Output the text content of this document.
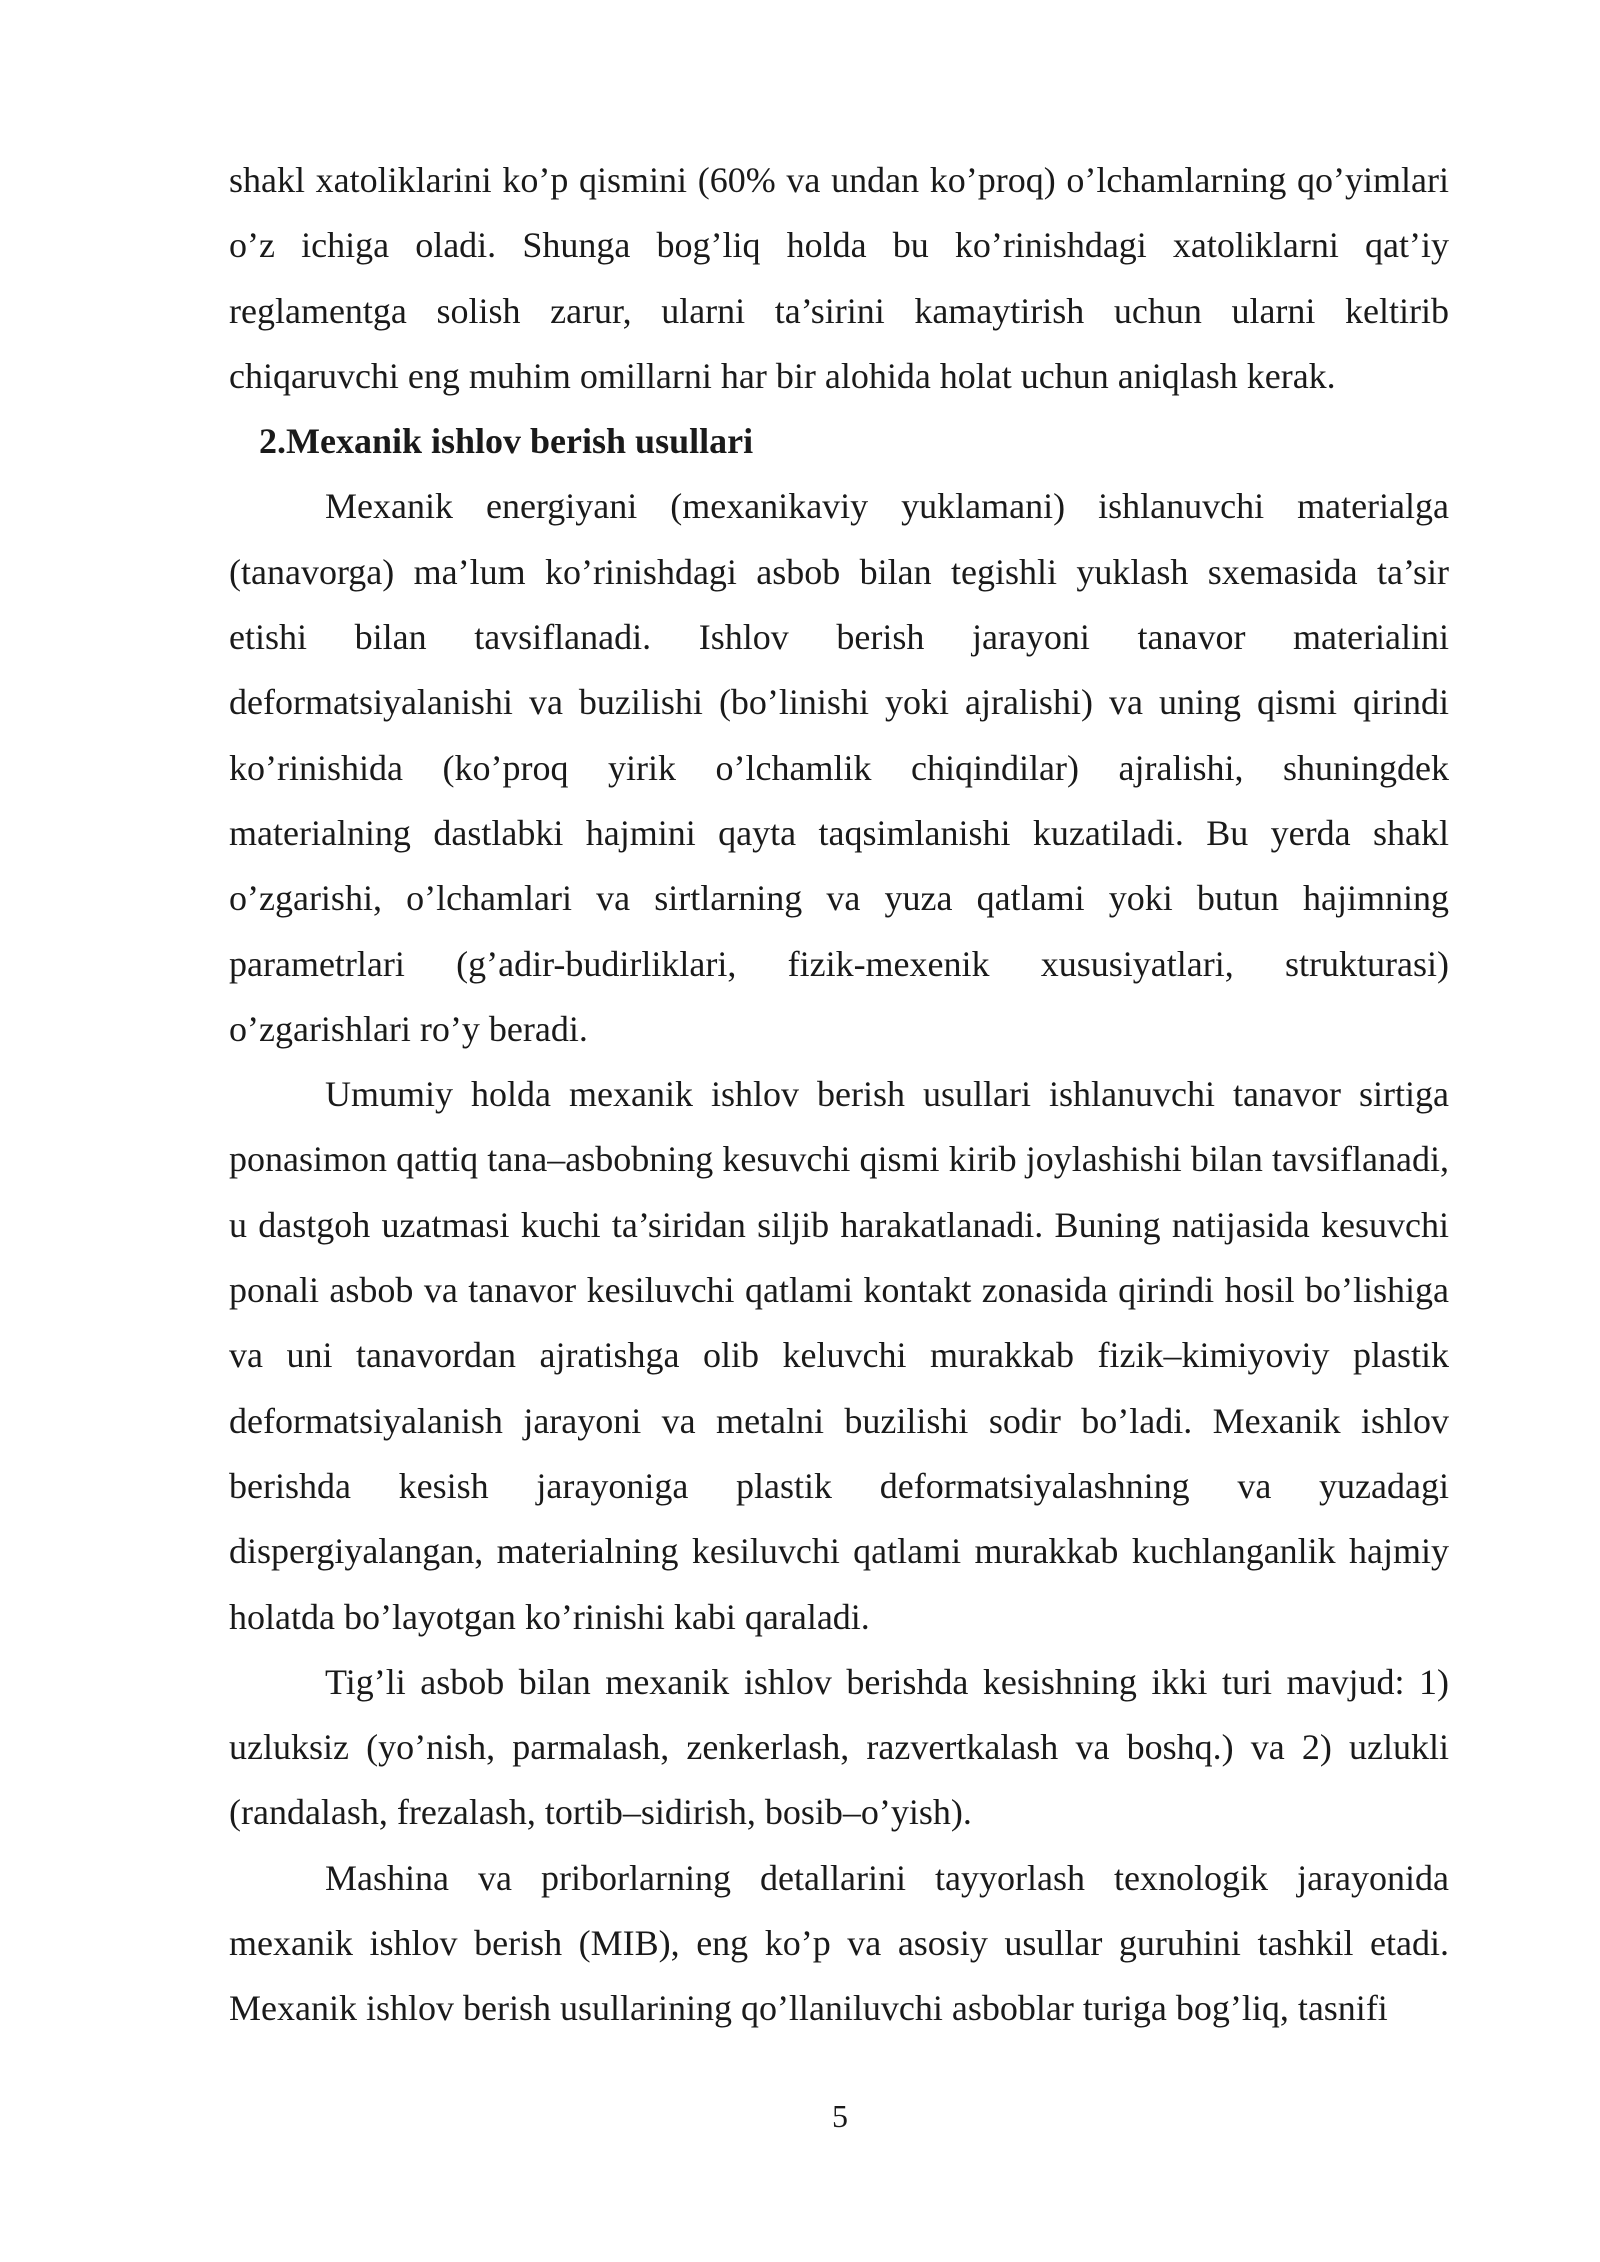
shakl xatoliklarini ko’p qismini (60% va undan ko’proq) o’lchamlarning qo’yimlari o’z ichiga oladi. Shunga bog’liq holda bu ko’rinishdagi xatoliklarni qat’iy reglamentga solish zarur, ularni ta’sirini kamaytirish uchun ularni keltirib chiqaruvchi eng muhim omillarni har bir alohida holat uchun aniqlash kerak.

2.Mexanik ishlov berish usullari

Mexanik energiyani (mexanikaviy yuklamani) ishlanuvchi materialga (tanavorga) ma’lum ko’rinishdagi asbob bilan tegishli yuklash sxemasida ta’sir etishi bilan tavsiflanadi. Ishlov berish jarayoni tanavor materialini deformatsiyalanishi va buzilishi (bo’linishi yoki ajralishi) va uning qismi qirindi ko’rinishida (ko’proq yirik o’lchamlik chiqindilar) ajralishi, shuningdek materialning dastlabki hajmini qayta taqsimlanishi kuzatiladi. Bu yerda shakl o’zgarishi, o’lchamlari va sirtlarning va yuza qatlami yoki butun hajimning parametrlari (g’adir-budirliklari, fizik-mexenik xususiyatlari, strukturasi) o’zgarishlari ro’y beradi.

Umumiy holda mexanik ishlov berish usullari ishlanuvchi tanavor sirtiga ponasimon qattiq tana–asbobning kesuvchi qismi kirib joylashishi bilan tavsiflanadi, u dastgoh uzatmasi kuchi ta’siridan siljib harakatlanadi. Buning natijasida kesuvchi ponali asbob va tanavor kesiluvchi qatlami kontakt zonasida qirindi hosil bo’lishiga va uni tanavordan ajratishga olib keluvchi murakkab fizik–kimiyoviy plastik deformatsiyalanish jarayoni va metalni buzilishi sodir bo’ladi. Mexanik ishlov berishda kesish jarayoniga plastik deformatsiyalashning va yuzadagi dispergiyalangan, materialning kesiluvchi qatlami murakkab kuchlanganlik hajmiy holatda bo’layotgan ko’rinishi kabi qaraladi.

Tig’li asbob bilan mexanik ishlov berishda kesishning ikki turi mavjud: 1) uzluksiz (yo’nish, parmalash, zenkerlash, razvertkalash va boshq.) va 2) uzlukli (randalash, frezalash, tortib–sidirish, bosib–o’yish).

Mashina va priborlarning detallarini tayyorlash texnologik jarayonida mexanik ishlov berish (MIB), eng ko’p va asosiy usullar guruhini tashkil etadi. Mexanik ishlov berish usullarining qo’llaniluvchi asboblar turiga bog’liq, tasnifi

5
